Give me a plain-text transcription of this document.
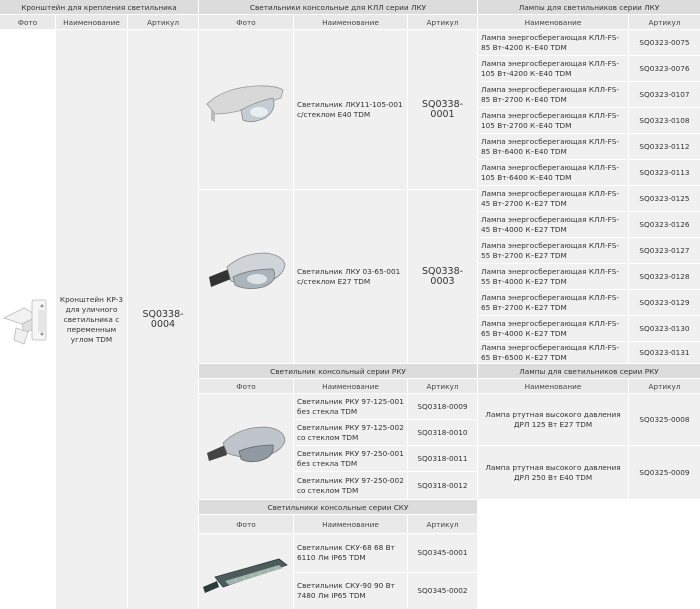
Кронштейн для крепления светильника
Фото	Наименование	Артикул
Кронштейн КР-3 для уличного светильника с переменным углом TDM
SQ0338-0004
Светильники консольные для КЛЛ серии ЛКУ
Фото	Наименование	Артикул
Светильник ЛКУ11-105-001 с/стеклом Е40 TDM
SQ0338-0001
Светильник ЛКУ 03-65-001 с/стеклом Е27 TDM
SQ0338-0003
Лампы для светильников серии ЛКУ
Наименование	Артикул
Лампа энергосберегающая КЛЛ-FS-85 Вт-4200 К–Е40 TDM
SQ0323-0075
Лампа энергосберегающая КЛЛ-FS-105 Вт-4200 К–Е40 TDM
SQ0323-0076
Лампа энергосберегающая КЛЛ-FS-85 Вт-2700 К–Е40 TDM
SQ0323-0107
Лампа энергосберегающая КЛЛ-FS-105 Вт-2700 К–Е40 TDM
SQ0323-0108
Лампа энергосберегающая КЛЛ-FS-85 Вт-6400 К–Е40 TDM
SQ0323-0112
Лампа энергосберегающая КЛЛ-FS-105 Вт-6400 К–Е40 TDM
SQ0323-0113
Лампа энергосберегающая КЛЛ-FS-45 Вт-2700 К–Е27 TDM
SQ0323-0125
Лампа энергосберегающая КЛЛ-FS-45 Вт-4000 К–Е27 TDM
SQ0323-0126
Лампа энергосберегающая КЛЛ-FS-55 Вт-2700 К–Е27 TDM
SQ0323-0127
Лампа энергосберегающая КЛЛ-FS-55 Вт-4000 К–Е27 TDM
SQ0323-0128
Лампа энергосберегающая КЛЛ-FS-65 Вт-2700 К–Е27 TDM
SQ0323-0129
Лампа энергосберегающая КЛЛ-FS-65 Вт-4000 К–Е27 TDM
SQ0323-0130
Лампа энергосберегающая КЛЛ-FS-65 Вт-6500 К–Е27 TDM
SQ0323-0131
Светильник консольный серии РКУ
Фото	Наименование	Артикул
Светильник РКУ 97-125-001 без стекла TDM
SQ0318-0009
Светильник РКУ 97-125-002 со стеклом TDM
SQ0318-0010
Светильник РКУ 97-250-001 без стекла TDM
SQ0318-0011
Светильник РКУ 97-250-002 со стеклом TDM
SQ0318-0012
Лампы для светильников серии РКУ
Наименование	Артикул
Лампа ртутная высокого давления ДРЛ 125 Вт Е27 TDM
SQ0325-0008
Лампа ртутная высокого давления ДРЛ 250 Вт Е40 TDM
SQ0325-0009
Светильники консольные серии СКУ
Фото	Наименование	Артикул
Светильник СКУ-68 68 Вт 6110 Лм IP65 TDM
SQ0345-0001
Светильник СКУ-90 90 Вт 7480 Лм IP65 TDM
SQ0345-0002
